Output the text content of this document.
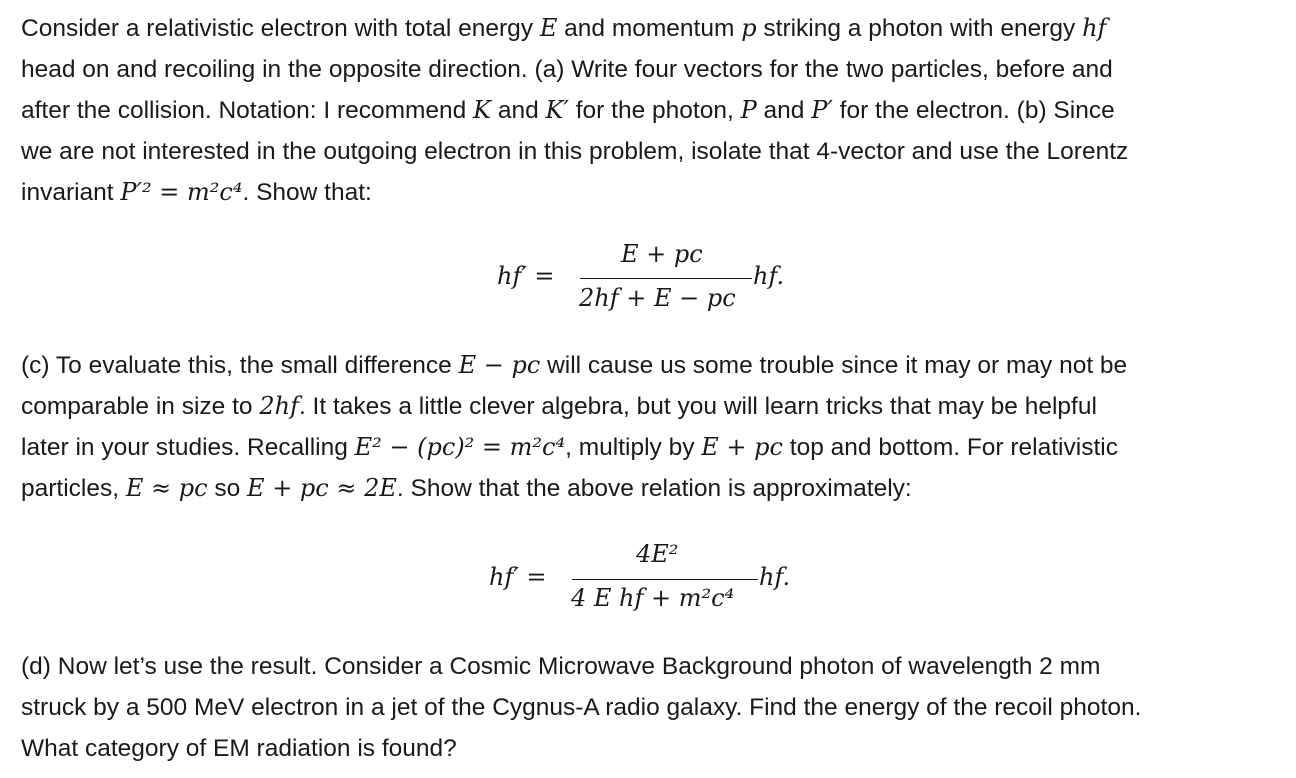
Consider a relativistic electron with total energy E and momentum p striking a photon with energy hf
head on and recoiling in the opposite direction. (a) Write four vectors for the two particles, before and
after the collision. Notation: I recommend K and K′ for the photon, P and P′ for the electron. (b) Since
we are not interested in the outgoing electron in this problem, isolate that 4-vector and use the Lorentz
invariant P′² = m²c⁴. Show that:

hf′ =
E + pc
2hf + E − pc
hf.

(c) To evaluate this, the small difference E − pc will cause us some trouble since it may or may not be
comparable in size to 2hf. It takes a little clever algebra, but you will learn tricks that may be helpful
later in your studies. Recalling E² − (pc)² = m²c⁴, multiply by E + pc top and bottom. For relativistic
particles, E ≈ pc so E + pc ≈ 2E. Show that the above relation is approximately:

hf′ =
4E²
4 E hf + m²c⁴
hf.

(d) Now let’s use the result. Consider a Cosmic Microwave Background photon of wavelength 2 mm
struck by a 500 MeV electron in a jet of the Cygnus-A radio galaxy. Find the energy of the recoil photon.
What category of EM radiation is found?
